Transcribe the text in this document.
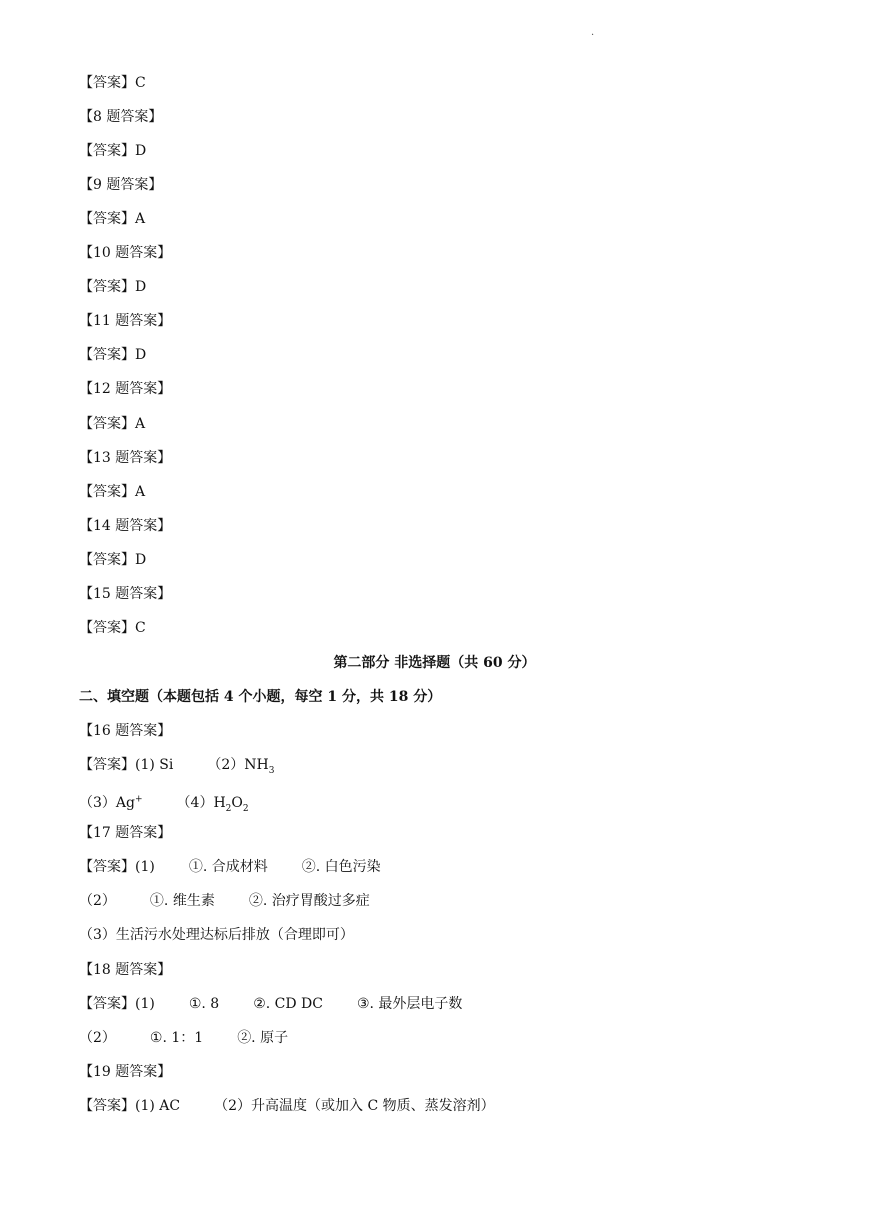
·
【答案】C
【8 题答案】
【答案】D
【9 题答案】
【答案】A
【10 题答案】
【答案】D
【11 题答案】
【答案】D
【12 题答案】
【答案】A
【13 题答案】
【答案】A
【14 题答案】
【答案】D
【15 题答案】
【答案】C
第二部分 非选择题（共 60 分）
二、填空题（本题包括 4 个小题，每空 1 分，共 18 分）
【16 题答案】
【答案】(1) Si $(2)NH_3$
（3）Ag+ $(4)H_2O_2$
【17 题答案】
【答案】(1) ①. 合成材料 ②. 白色污染
（2） ①. 维生素 ②. 治疗胃酸过多症
（3）生活污水处理达标后排放（合理即可）
【18 题答案】
【答案】(1) ①. 8 ②. CD DC ③. 最外层电子数
（2） ①. 1：1 ②. 原子
【19 题答案】
【答案】(1) AC （2）升高温度（或加入 C 物质、蒸发溶剂）
